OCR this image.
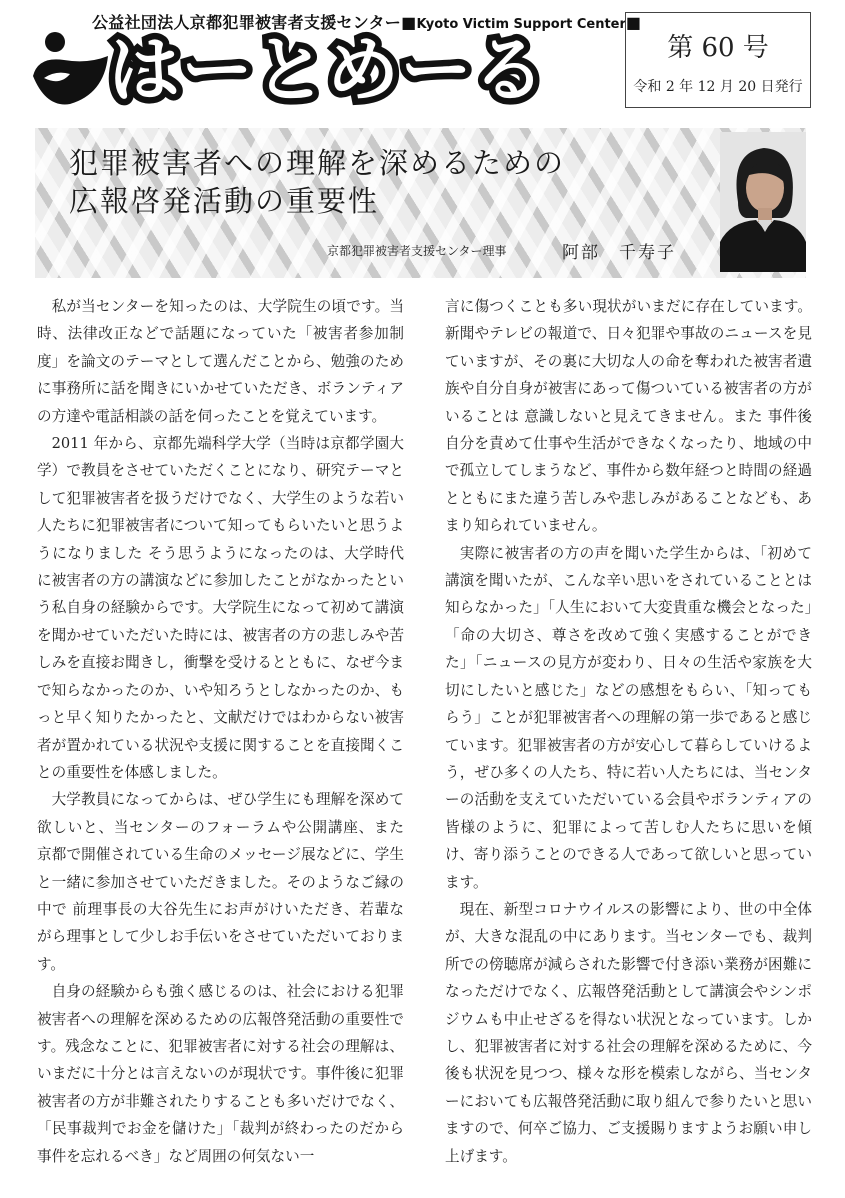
公益社団法人京都犯罪被害者支援センター■Kyoto Victim Support Center■
はーとめーる	第 60 号
令和 2 年 12 月 20 日発行
犯罪被害者への理解を深めるための
広報啓発活動の重要性
京都犯罪被害者支援センター理事	阿部　千寿子

私が当センターを知ったのは、大学院生の頃です。当時、法律改正などで話題になっていた「被害者参加制度」を論文のテーマとして選んだことから、勉強のために事務所に話を聞きにいかせていただき、ボランティアの方達や電話相談の話を伺ったことを覚えています。

2011 年から、京都先端科学大学（当時は京都学園大学）で教員をさせていただくことになり、研究テーマとして犯罪被害者を扱うだけでなく、大学生のような若い人たちに犯罪被害者について知ってもらいたいと思うようになりました そう思うようになったのは、大学時代に被害者の方の講演などに参加したことがなかったという私自身の経験からです。大学院生になって初めて講演を聞かせていただいた時には、被害者の方の悲しみや苦しみを直接お聞きし，衝撃を受けるとともに、なぜ今まで知らなかったのか、いや知ろうとしなかったのか、もっと早く知りたかったと、文献だけではわからない被害者が置かれている状況や支援に関することを直接聞くことの重要性を体感しました。

大学教員になってからは、ぜひ学生にも理解を深めて欲しいと、当センターのフォーラムや公開講座、また 京都で開催されている生命のメッセージ展などに、学生と一緒に参加させていただきました。そのようなご縁の中で 前理事長の大谷先生にお声がけいただき、若輩ながら理事として少しお手伝いをさせていただいております。

自身の経験からも強く感じるのは、社会における犯罪被害者への理解を深めるための広報啓発活動の重要性です。残念なことに、犯罪被害者に対する社会の理解は、いまだに十分とは言えないのが現状です。事件後に犯罪被害者の方が非難されたりすることも多いだけでなく、「民事裁判でお金を儲けた」「裁判が終わったのだから事件を忘れるべき」など周囲の何気ない一

言に傷つくことも多い現状がいまだに存在しています。新聞やテレビの報道で、日々犯罪や事故のニュースを見ていますが、その裏に大切な人の命を奪われた被害者遺族や自分自身が被害にあって傷ついている被害者の方がいることは 意識しないと見えてきません。また 事件後 自分を責めて仕事や生活ができなくなったり、地域の中で孤立してしまうなど、事件から数年経つと時間の経過とともにまた違う苦しみや悲しみがあることなども、あまり知られていません。

実際に被害者の方の声を聞いた学生からは、「初めて講演を聞いたが、こんな辛い思いをされていることとは知らなかった」「人生において大変貴重な機会となった」「命の大切さ、尊さを改めて強く実感することができた」「ニュースの見方が変わり、日々の生活や家族を大切にしたいと感じた」などの感想をもらい、「知ってもらう」ことが犯罪被害者への理解の第一歩であると感じています。犯罪被害者の方が安心して暮らしていけるよう，ぜひ多くの人たち、特に若い人たちには、当センターの活動を支えていただいている会員やボランティアの皆様のように、犯罪によって苦しむ人たちに思いを傾け、寄り添うことのできる人であって欲しいと思っています。

現在、新型コロナウイルスの影響により、世の中全体が、大きな混乱の中にあります。当センターでも、裁判所での傍聴席が減らされた影響で付き添い業務が困難になっただけでなく、広報啓発活動として講演会やシンポジウムも中止せざるを得ない状況となっています。しかし、犯罪被害者に対する社会の理解を深めるために、今後も状況を見つつ、様々な形を模索しながら、当センターにおいても広報啓発活動に取り組んで参りたいと思いますので、何卒ご協力、ご支援賜りますようお願い申し上げます。
